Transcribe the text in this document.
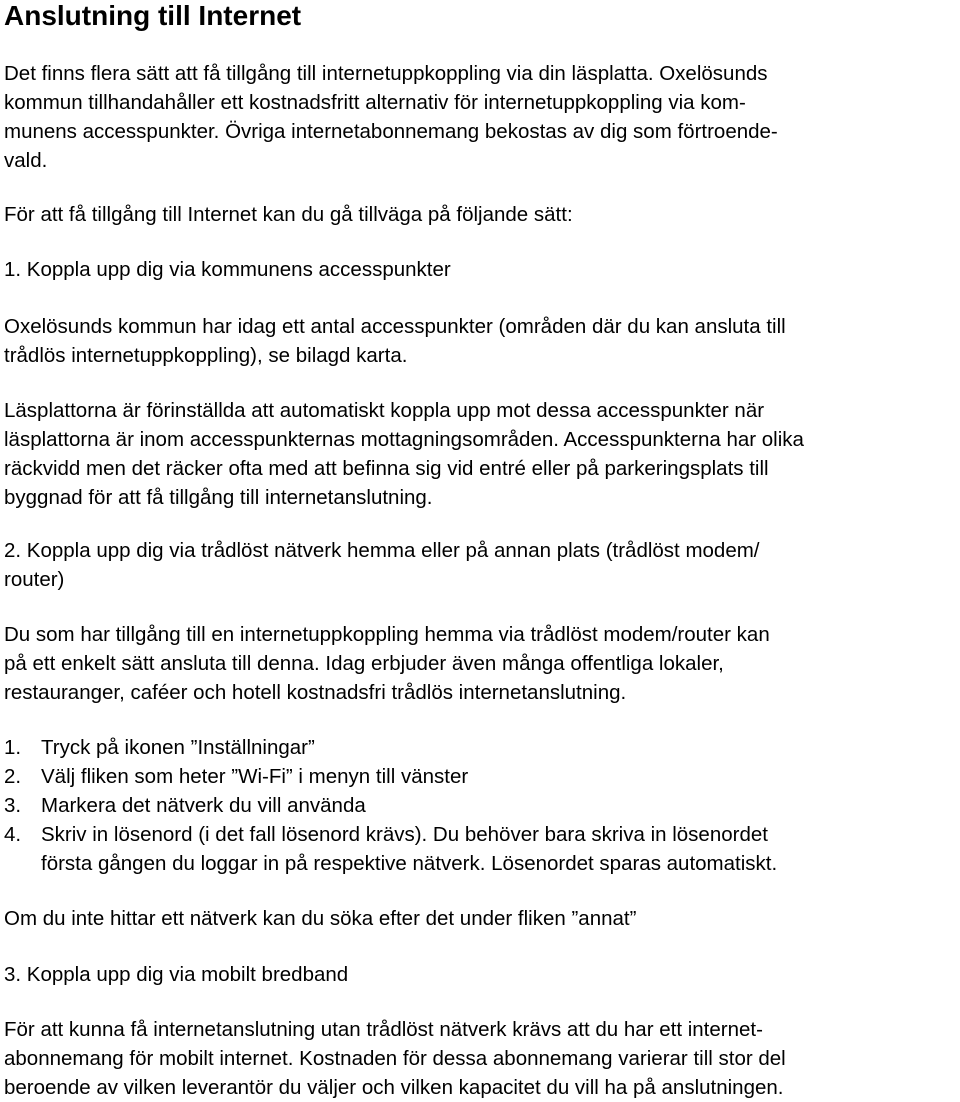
Anslutning till Internet
Det finns flera sätt att få tillgång till internetuppkoppling via din läsplatta. Oxelösunds
kommun tillhandahåller ett kostnadsfritt alternativ för internetuppkoppling via kom-
munens accesspunkter. Övriga internetabonnemang bekostas av dig som förtroende-
vald.
För att få tillgång till Internet kan du gå tillväga på följande sätt:
1. Koppla upp dig via kommunens accesspunkter
Oxelösunds kommun har idag ett antal accesspunkter (områden där du kan ansluta till
trådlös internetuppkoppling), se bilagd karta.
Läsplattorna är förinställda att automatiskt koppla upp mot dessa accesspunkter när
läsplattorna är inom accesspunkternas mottagningsområden. Accesspunkterna har olika
räckvidd men det räcker ofta med att befinna sig vid entré eller på parkeringsplats till
byggnad för att få tillgång till internetanslutning.
2. Koppla upp dig via trådlöst nätverk hemma eller på annan plats (trådlöst modem/
router)
Du som har tillgång till en internetuppkoppling hemma via trådlöst modem/router kan
på ett enkelt sätt ansluta till denna. Idag erbjuder även många offentliga lokaler,
restauranger, caféer och hotell kostnadsfri trådlös internetanslutning.
1. Tryck på ikonen ”Inställningar”
2. Välj fliken som heter ”Wi-Fi” i menyn till vänster
3. Markera det nätverk du vill använda
4. Skriv in lösenord (i det fall lösenord krävs). Du behöver bara skriva in lösenordet
första gången du loggar in på respektive nätverk. Lösenordet sparas automatiskt.
Om du inte hittar ett nätverk kan du söka efter det under fliken ”annat”
3. Koppla upp dig via mobilt bredband
För att kunna få internetanslutning utan trådlöst nätverk krävs att du har ett internet-
abonnemang för mobilt internet. Kostnaden för dessa abonnemang varierar till stor del
beroende av vilken leverantör du väljer och vilken kapacitet du vill ha på anslutningen.
